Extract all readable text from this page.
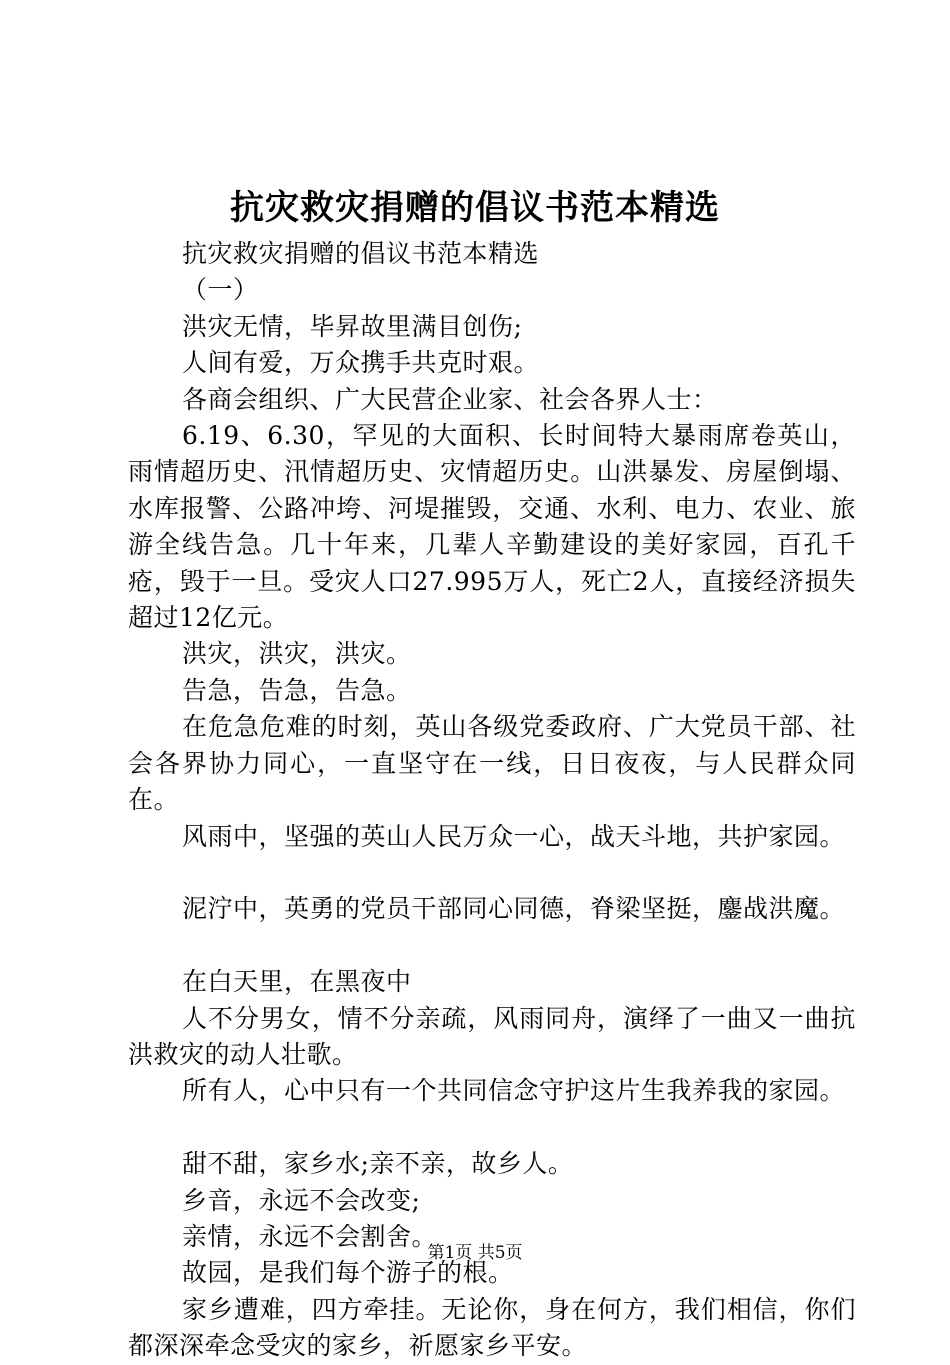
抗灾救灾捐赠的倡议书范本精选

抗灾救灾捐赠的倡议书范本精选

（一）

洪灾无情，毕昇故里满目创伤;

人间有爱，万众携手共克时艰。

各商会组织、广大民营企业家、社会各界人士：

6.19、6.30，罕见的大面积、长时间特大暴雨席卷英山，雨情超历史、汛情超历史、灾情超历史。山洪暴发、房屋倒塌、水库报警、公路冲垮、河堤摧毁，交通、水利、电力、农业、旅游全线告急。几十年来，几辈人辛勤建设的美好家园，百孔千疮，毁于一旦。受灾人口27.995万人，死亡2人，直接经济损失超过12亿元。

洪灾，洪灾，洪灾。

告急，告急，告急。

在危急危难的时刻，英山各级党委政府、广大党员干部、社会各界协力同心，一直坚守在一线，日日夜夜，与人民群众同在。

风雨中，坚强的英山人民万众一心，战天斗地，共护家园。

泥泞中，英勇的党员干部同心同德，脊梁坚挺，鏖战洪魔。

在白天里，在黑夜中

人不分男女，情不分亲疏，风雨同舟，演绎了一曲又一曲抗洪救灾的动人壮歌。

所有人，心中只有一个共同信念守护这片生我养我的家园。

甜不甜，家乡水;亲不亲，故乡人。

乡音，永远不会改变;

亲情，永远不会割舍。

故园，是我们每个游子的根。

家乡遭难，四方牵挂。无论你，身在何方，我们相信，你们都深深牵念受灾的家乡，祈愿家乡平安。

第1页 共5页
